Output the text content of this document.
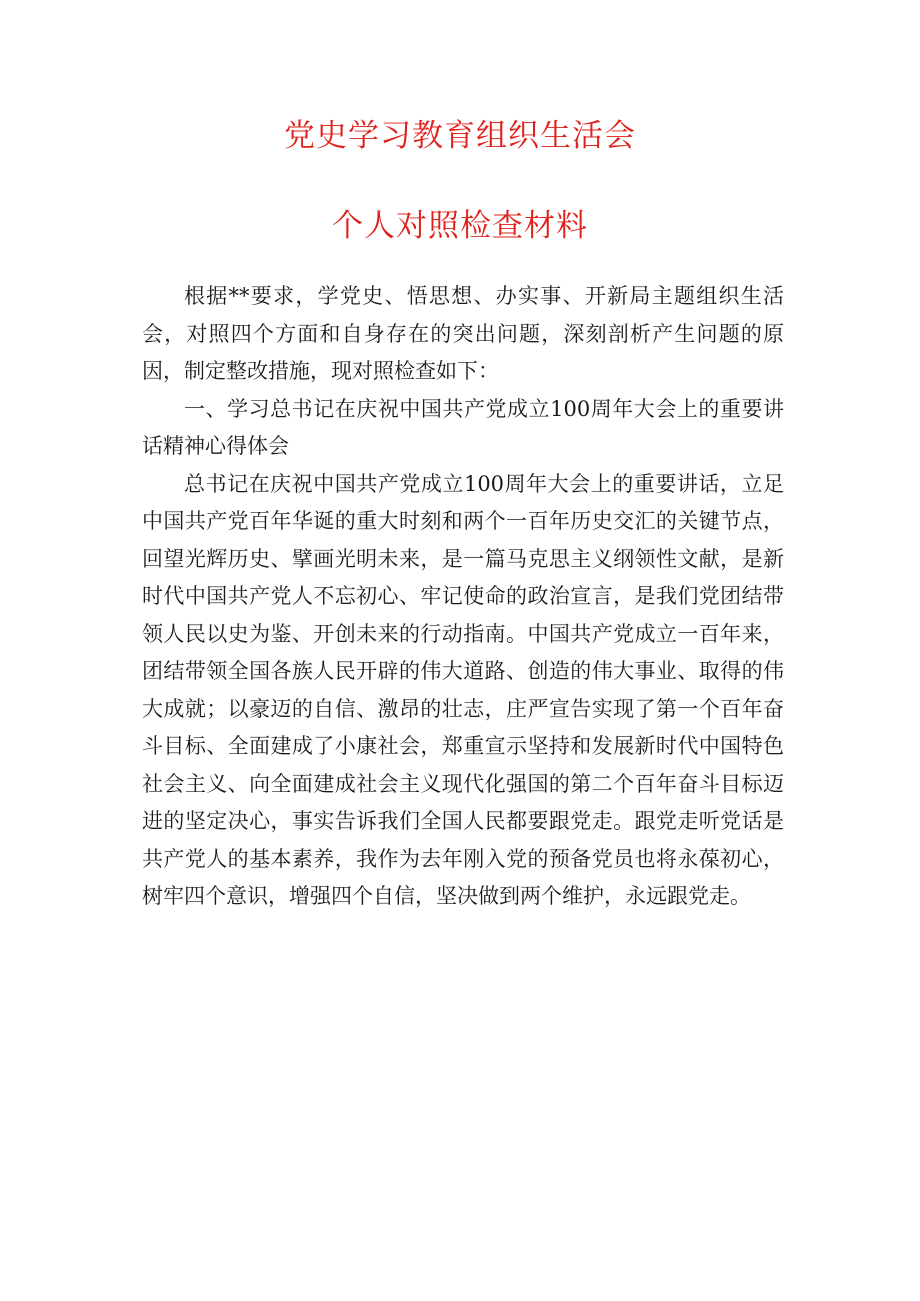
党史学习教育组织生活会
个人对照检查材料

根据**要求，学党史、悟思想、办实事、开新局主题组织生活会，对照四个方面和自身存在的突出问题，深刻剖析产生问题的原因，制定整改措施，现对照检查如下：

一、学习总书记在庆祝中国共产党成立100周年大会上的重要讲话精神心得体会

总书记在庆祝中国共产党成立100周年大会上的重要讲话，立足中国共产党百年华诞的重大时刻和两个一百年历史交汇的关键节点，回望光辉历史、擘画光明未来，是一篇马克思主义纲领性文献，是新时代中国共产党人不忘初心、牢记使命的政治宣言，是我们党团结带领人民以史为鉴、开创未来的行动指南。中国共产党成立一百年来，团结带领全国各族人民开辟的伟大道路、创造的伟大事业、取得的伟大成就；以豪迈的自信、激昂的壮志，庄严宣告实现了第一个百年奋斗目标、全面建成了小康社会，郑重宣示坚持和发展新时代中国特色社会主义、向全面建成社会主义现代化强国的第二个百年奋斗目标迈进的坚定决心，事实告诉我们全国人民都要跟党走。跟党走听党话是共产党人的基本素养，我作为去年刚入党的预备党员也将永葆初心，树牢四个意识，增强四个自信，坚决做到两个维护，永远跟党走。
